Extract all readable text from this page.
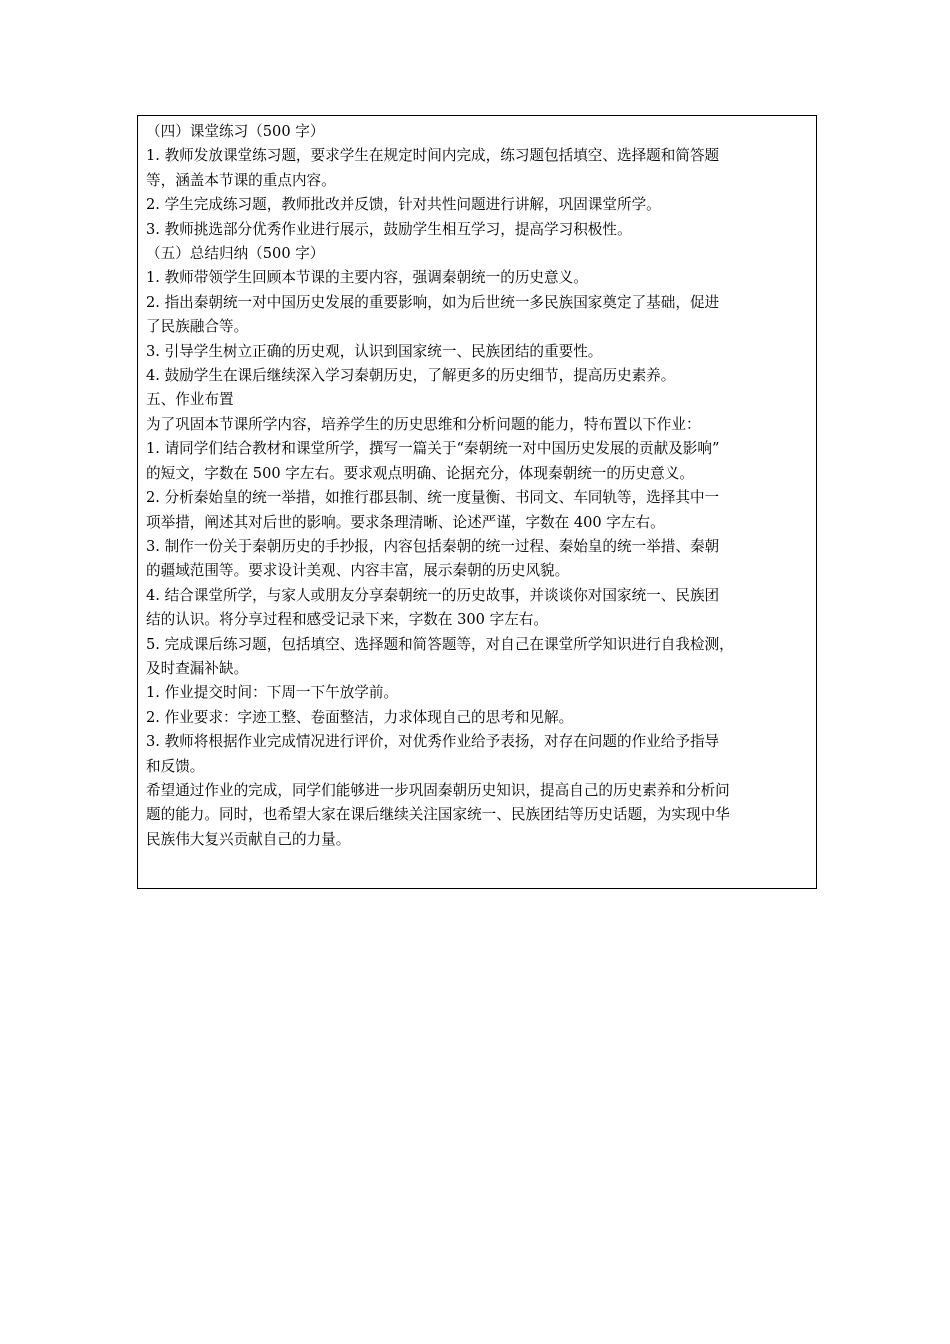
（四）课堂练习（500 字）

1. 教师发放课堂练习题，要求学生在规定时间内完成，练习题包括填空、选择题和简答题

等，涵盖本节课的重点内容。

2. 学生完成练习题，教师批改并反馈，针对共性问题进行讲解，巩固课堂所学。

3. 教师挑选部分优秀作业进行展示，鼓励学生相互学习，提高学习积极性。

（五）总结归纳（500 字）

1. 教师带领学生回顾本节课的主要内容，强调秦朝统一的历史意义。

2. 指出秦朝统一对中国历史发展的重要影响，如为后世统一多民族国家奠定了基础，促进

了民族融合等。

3. 引导学生树立正确的历史观，认识到国家统一、民族团结的重要性。

4. 鼓励学生在课后继续深入学习秦朝历史，了解更多的历史细节，提高历史素养。

五、作业布置

为了巩固本节课所学内容，培养学生的历史思维和分析问题的能力，特布置以下作业：

1. 请同学们结合教材和课堂所学，撰写一篇关于“秦朝统一对中国历史发展的贡献及影响”

的短文，字数在 500 字左右。要求观点明确、论据充分，体现秦朝统一的历史意义。

2. 分析秦始皇的统一举措，如推行郡县制、统一度量衡、书同文、车同轨等，选择其中一

项举措，阐述其对后世的影响。要求条理清晰、论述严谨，字数在 400 字左右。

3. 制作一份关于秦朝历史的手抄报，内容包括秦朝的统一过程、秦始皇的统一举措、秦朝

的疆域范围等。要求设计美观、内容丰富，展示秦朝的历史风貌。

4. 结合课堂所学，与家人或朋友分享秦朝统一的历史故事，并谈谈你对国家统一、民族团

结的认识。将分享过程和感受记录下来，字数在 300 字左右。

5. 完成课后练习题，包括填空、选择题和简答题等，对自己在课堂所学知识进行自我检测，

及时查漏补缺。

1. 作业提交时间：下周一下午放学前。

2. 作业要求：字迹工整、卷面整洁，力求体现自己的思考和见解。

3. 教师将根据作业完成情况进行评价，对优秀作业给予表扬，对存在问题的作业给予指导

和反馈。

希望通过作业的完成，同学们能够进一步巩固秦朝历史知识，提高自己的历史素养和分析问

题的能力。同时，也希望大家在课后继续关注国家统一、民族团结等历史话题，为实现中华

民族伟大复兴贡献自己的力量。
